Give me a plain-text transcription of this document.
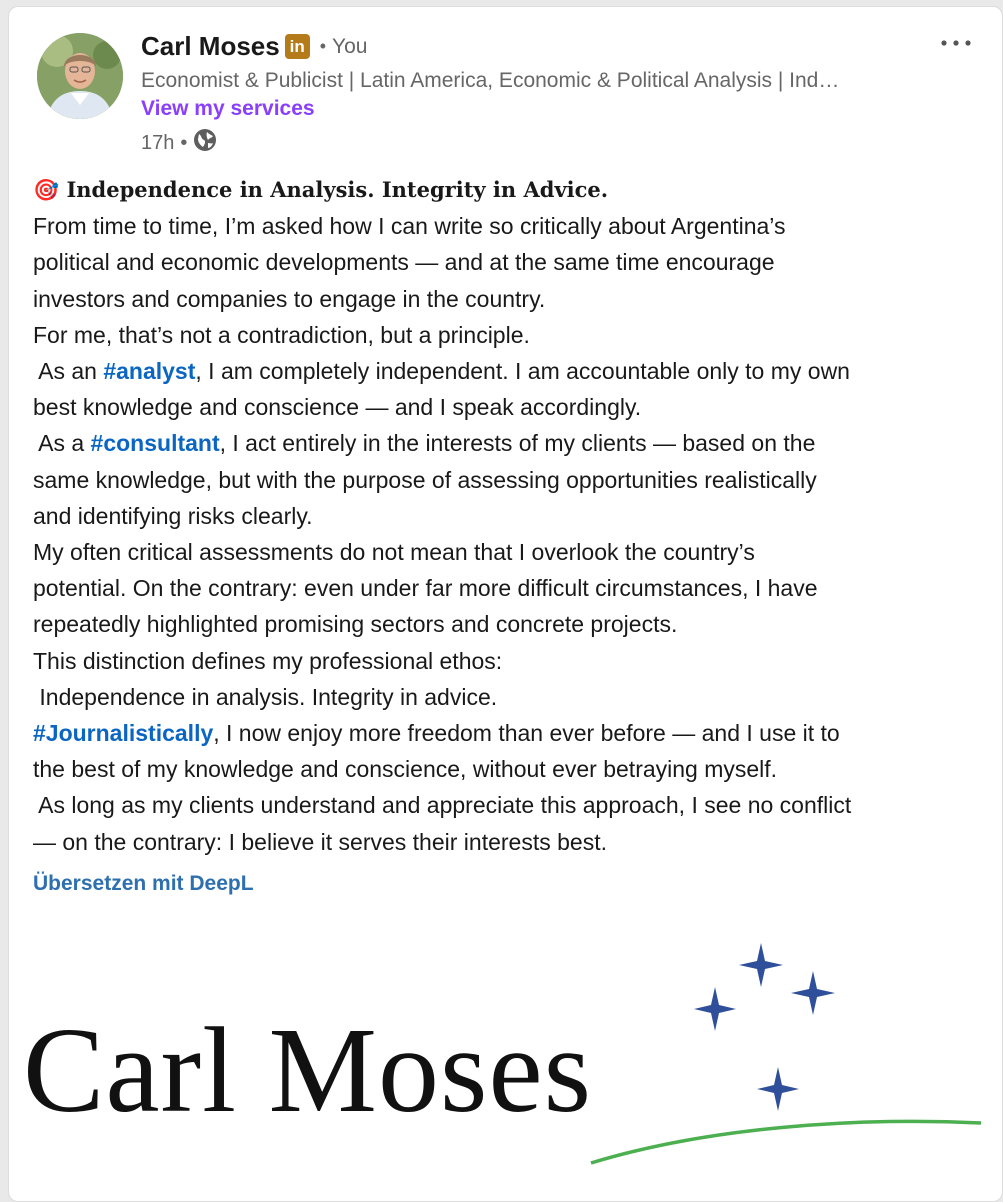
Carl Moses in • You
Economist & Publicist | Latin America, Economic & Political Analysis | Ind…
View my services
17h •

🎯 Independence in Analysis. Integrity in Advice.

From time to time, I’m asked how I can write so critically about Argentina’s

political and economic developments — and at the same time encourage

investors and companies to engage in the country.

For me, that’s not a contradiction, but a principle.

As an #analyst, I am completely independent. I am accountable only to my own

best knowledge and conscience — and I speak accordingly.

As a #consultant, I act entirely in the interests of my clients — based on the

same knowledge, but with the purpose of assessing opportunities realistically

and identifying risks clearly.

My often critical assessments do not mean that I overlook the country’s

potential. On the contrary: even under far more difficult circumstances, I have

repeatedly highlighted promising sectors and concrete projects.

This distinction defines my professional ethos:

Independence in analysis. Integrity in advice.

#Journalistically, I now enjoy more freedom than ever before — and I use it to

the best of my knowledge and conscience, without ever betraying myself.

As long as my clients understand and appreciate this approach, I see no conflict

— on the contrary: I believe it serves their interests best.

Übersetzen mit DeepL
Carl Moses
